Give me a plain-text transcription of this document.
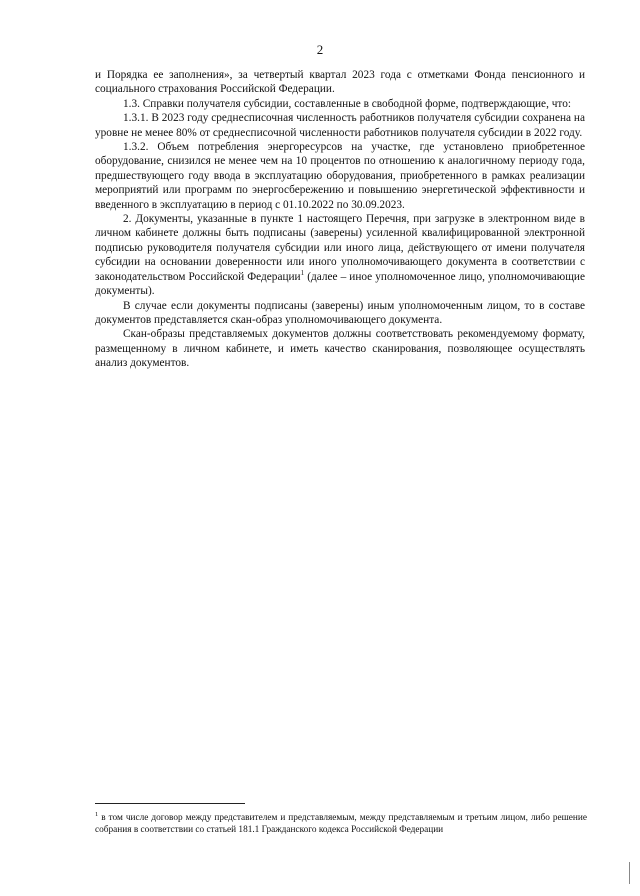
2

и Порядка ее заполнения», за четвертый квартал 2023 года с отметками Фонда пенсионного и социального страхования Российской Федерации.

1.3. Справки получателя субсидии, составленные в свободной форме, подтверждающие, что:

1.3.1. В 2023 году среднесписочная численность работников получателя субсидии сохранена на уровне не менее 80% от среднесписочной численности работников получателя субсидии в 2022 году.

1.3.2. Объем потребления энергоресурсов на участке, где установлено приобретенное оборудование, снизился не менее чем на 10 процентов по отношению к аналогичному периоду года, предшествующего году ввода в эксплуатацию оборудования, приобретенного в рамках реализации мероприятий или программ по энергосбережению и повышению энергетической эффективности и введенного в эксплуатацию в период с 01.10.2022 по 30.09.2023.

2. Документы, указанные в пункте 1 настоящего Перечня, при загрузке в электронном виде в личном кабинете должны быть подписаны (заверены) усиленной квалифицированной электронной подписью руководителя получателя субсидии или иного лица, действующего от имени получателя субсидии на основании доверенности или иного уполномочивающего документа в соответствии с законодательством Российской Федерации$^1$ (далее – иное уполномоченное лицо, уполномочивающие документы).

В случае если документы подписаны (заверены) иным уполномоченным лицом, то в составе документов представляется скан-образ уполномочивающего документа.

Скан-образы представляемых документов должны соответствовать рекомендуемому формату, размещенному в личном кабинете, и иметь качество сканирования, позволяющее осуществлять анализ документов.

$^1$ в том числе договор между представителем и представляемым, между представляемым и третьим лицом, либо решение собрания в соответствии со статьей 181.1 Гражданского кодекса Российской Федерации
